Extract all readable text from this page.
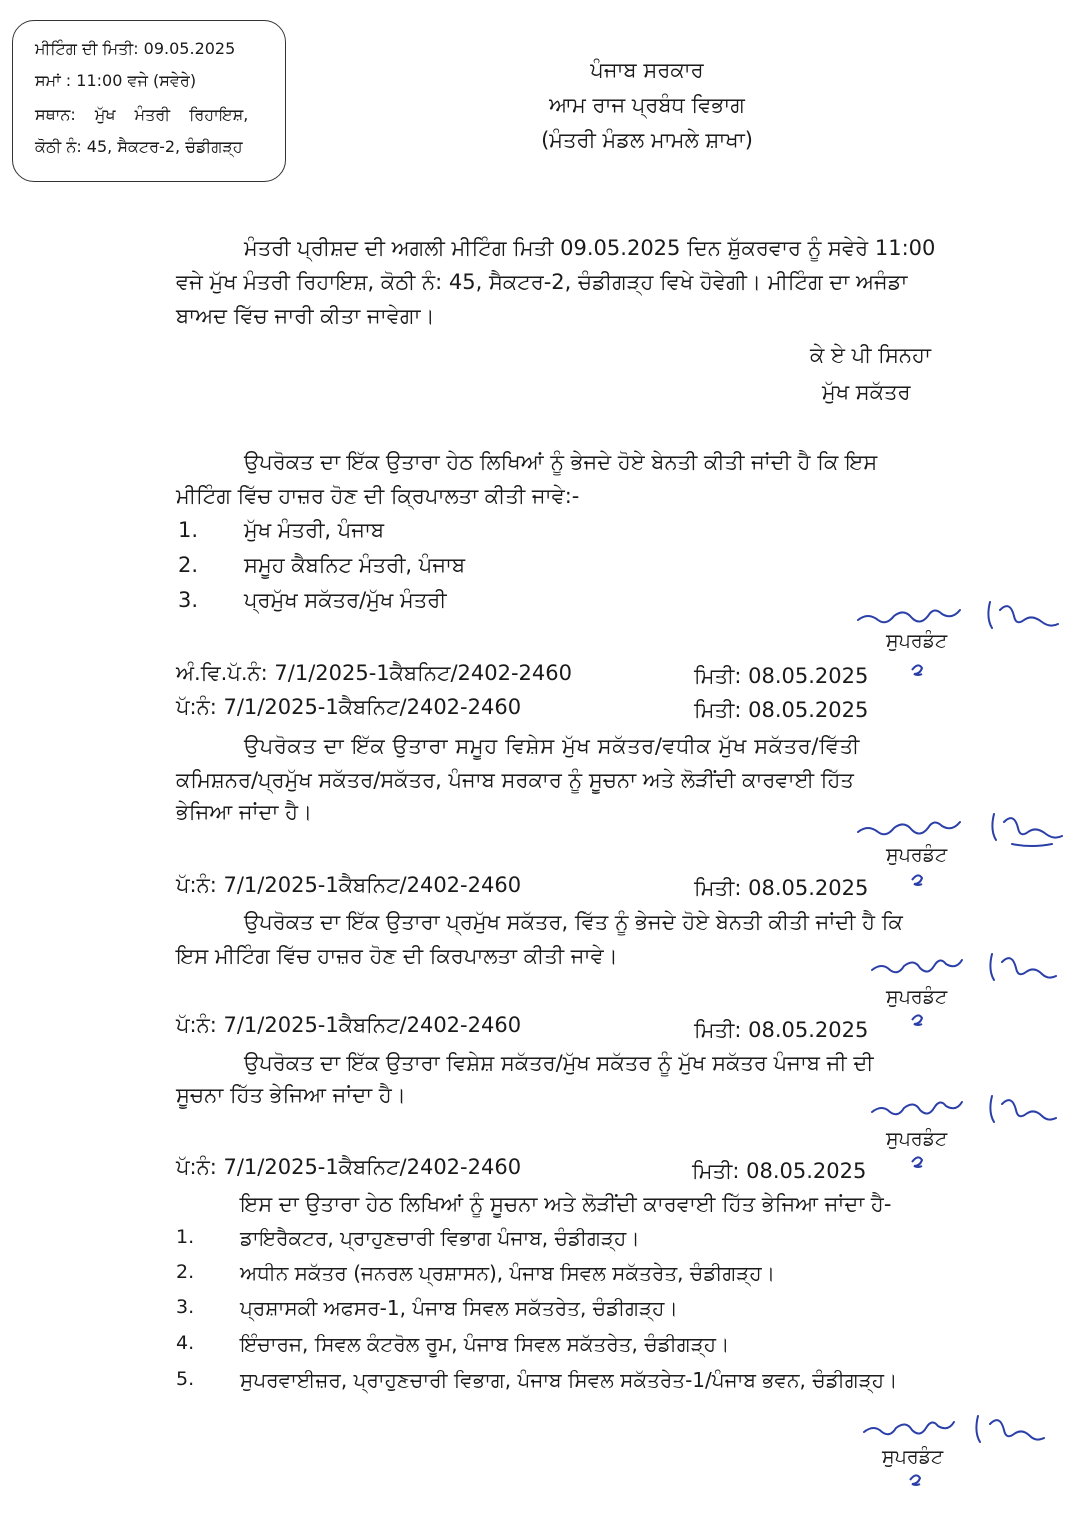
ਮੀਟਿੰਗ ਦੀ ਮਿਤੀ: 09.05.2025
ਸਮਾਂ : 11:00 ਵਜੇ (ਸਵੇਰੇ)
ਸਥਾਨ: ਮੁੱਖ ਮੰਤਰੀ ਰਿਹਾਇਸ਼,
ਕੋਠੀ ਨੰ: 45, ਸੈਕਟਰ-2, ਚੰਡੀਗੜ੍ਹ
ਪੰਜਾਬ ਸਰਕਾਰ
ਆਮ ਰਾਜ ਪ੍ਰਬੰਧ ਵਿਭਾਗ
(ਮੰਤਰੀ ਮੰਡਲ ਮਾਮਲੇ ਸ਼ਾਖਾ)
ਮੰਤਰੀ ਪ੍ਰੀਸ਼ਦ ਦੀ ਅਗਲੀ ਮੀਟਿੰਗ ਮਿਤੀ 09.05.2025 ਦਿਨ ਸ਼ੁੱਕਰਵਾਰ ਨੂੰ ਸਵੇਰੇ 11:00
ਵਜੇ ਮੁੱਖ ਮੰਤਰੀ ਰਿਹਾਇਸ਼, ਕੋਠੀ ਨੰ: 45, ਸੈਕਟਰ-2, ਚੰਡੀਗੜ੍ਹ ਵਿਖੇ ਹੋਵੇਗੀ। ਮੀਟਿੰਗ ਦਾ ਅਜੰਡਾ
ਬਾਅਦ ਵਿੱਚ ਜਾਰੀ ਕੀਤਾ ਜਾਵੇਗਾ।
ਕੇ ਏ ਪੀ ਸਿਨਹਾ
ਮੁੱਖ ਸਕੱਤਰ
ਉਪਰੋਕਤ ਦਾ ਇੱਕ ਉਤਾਰਾ ਹੇਠ ਲਿਖਿਆਂ ਨੂੰ ਭੇਜਦੇ ਹੋਏ ਬੇਨਤੀ ਕੀਤੀ ਜਾਂਦੀ ਹੈ ਕਿ ਇਸ
ਮੀਟਿੰਗ ਵਿੱਚ ਹਾਜ਼ਰ ਹੋਣ ਦੀ ਕ੍ਰਿਪਾਲਤਾ ਕੀਤੀ ਜਾਵੇ:-
1. ਮੁੱਖ ਮੰਤਰੀ, ਪੰਜਾਬ
2. ਸਮੂਹ ਕੈਬਨਿਟ ਮੰਤਰੀ, ਪੰਜਾਬ
3. ਪ੍ਰਮੁੱਖ ਸਕੱਤਰ/ਮੁੱਖ ਮੰਤਰੀ
ਸੁਪਰਡੰਟ
ਅੰ.ਵਿ.ਪੱ.ਨੰ: 7/1/2025-1ਕੈਬਨਿਟ/2402-2460	ਮਿਤੀ: 08.05.2025
ਪੱ:ਨੰ: 7/1/2025-1ਕੈਬਨਿਟ/2402-2460	ਮਿਤੀ: 08.05.2025
ਉਪਰੋਕਤ ਦਾ ਇੱਕ ਉਤਾਰਾ ਸਮੂਹ ਵਿਸ਼ੇਸ ਮੁੱਖ ਸਕੱਤਰ/ਵਧੀਕ ਮੁੱਖ ਸਕੱਤਰ/ਵਿੱਤੀ
ਕਮਿਸ਼ਨਰ/ਪ੍ਰਮੁੱਖ ਸਕੱਤਰ/ਸਕੱਤਰ, ਪੰਜਾਬ ਸਰਕਾਰ ਨੂੰ ਸੂਚਨਾ ਅਤੇ ਲੋੜੀਂਦੀ ਕਾਰਵਾਈ ਹਿੱਤ
ਭੇਜਿਆ ਜਾਂਦਾ ਹੈ।
ਸੁਪਰਡੰਟ
ਪੱ:ਨੰ: 7/1/2025-1ਕੈਬਨਿਟ/2402-2460	ਮਿਤੀ: 08.05.2025
ਉਪਰੋਕਤ ਦਾ ਇੱਕ ਉਤਾਰਾ ਪ੍ਰਮੁੱਖ ਸਕੱਤਰ, ਵਿੱਤ ਨੂੰ ਭੇਜਦੇ ਹੋਏ ਬੇਨਤੀ ਕੀਤੀ ਜਾਂਦੀ ਹੈ ਕਿ
ਇਸ ਮੀਟਿੰਗ ਵਿੱਚ ਹਾਜ਼ਰ ਹੋਣ ਦੀ ਕਿਰਪਾਲਤਾ ਕੀਤੀ ਜਾਵੇ।
ਸੁਪਰਡੰਟ
ਪੱ:ਨੰ: 7/1/2025-1ਕੈਬਨਿਟ/2402-2460	ਮਿਤੀ: 08.05.2025
ਉਪਰੋਕਤ ਦਾ ਇੱਕ ਉਤਾਰਾ ਵਿਸ਼ੇਸ਼ ਸਕੱਤਰ/ਮੁੱਖ ਸਕੱਤਰ ਨੂੰ ਮੁੱਖ ਸਕੱਤਰ ਪੰਜਾਬ ਜੀ ਦੀ
ਸੂਚਨਾ ਹਿੱਤ ਭੇਜਿਆ ਜਾਂਦਾ ਹੈ।
ਸੁਪਰਡੰਟ
ਪੱ:ਨੰ: 7/1/2025-1ਕੈਬਨਿਟ/2402-2460	ਮਿਤੀ: 08.05.2025
ਇਸ ਦਾ ਉਤਾਰਾ ਹੇਠ ਲਿਖਿਆਂ ਨੂੰ ਸੂਚਨਾ ਅਤੇ ਲੋੜੀਂਦੀ ਕਾਰਵਾਈ ਹਿੱਤ ਭੇਜਿਆ ਜਾਂਦਾ ਹੈ-
1. ਡਾਇਰੈਕਟਰ, ਪ੍ਰਾਹੁਣਚਾਰੀ ਵਿਭਾਗ ਪੰਜਾਬ, ਚੰਡੀਗੜ੍ਹ।
2. ਅਧੀਨ ਸਕੱਤਰ (ਜਨਰਲ ਪ੍ਰਸ਼ਾਸਨ), ਪੰਜਾਬ ਸਿਵਲ ਸਕੱਤਰੇਤ, ਚੰਡੀਗੜ੍ਹ।
3. ਪ੍ਰਸ਼ਾਸਕੀ ਅਫਸਰ-1, ਪੰਜਾਬ ਸਿਵਲ ਸਕੱਤਰੇਤ, ਚੰਡੀਗੜ੍ਹ।
4. ਇੰਚਾਰਜ, ਸਿਵਲ ਕੰਟਰੋਲ ਰੂਮ, ਪੰਜਾਬ ਸਿਵਲ ਸਕੱਤਰੇਤ, ਚੰਡੀਗੜ੍ਹ।
5. ਸੁਪਰਵਾਈਜ਼ਰ, ਪ੍ਰਾਹੁਣਚਾਰੀ ਵਿਭਾਗ, ਪੰਜਾਬ ਸਿਵਲ ਸਕੱਤਰੇਤ-1/ਪੰਜਾਬ ਭਵਨ, ਚੰਡੀਗੜ੍ਹ।
ਸੁਪਰਡੰਟ
